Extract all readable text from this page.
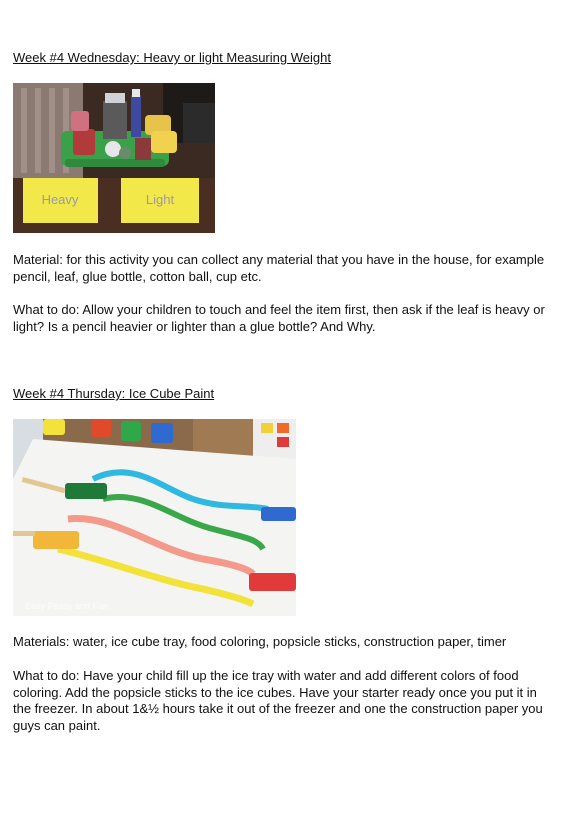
Week #4 Wednesday: Heavy or light Measuring Weight
Heavy	Light

Material: for this activity you can collect any material that you have in the house, for example pencil, leaf, glue bottle, cotton ball, cup etc.

What to do: Allow your children to touch and feel the item first, then ask if the leaf is heavy or light? Is a pencil heavier or lighter than a glue bottle? And Why.

Week #4 Thursday: Ice Cube Paint
Easy Peasy and Fun

Materials: water, ice cube tray, food coloring, popsicle sticks, construction paper, timer

What to do: Have your child fill up the ice tray with water and add different colors of food coloring. Add the popsicle sticks to the ice cubes. Have your starter ready once you put it in the freezer. In about 1&½ hours take it out of the freezer and one the construction paper you guys can paint.
